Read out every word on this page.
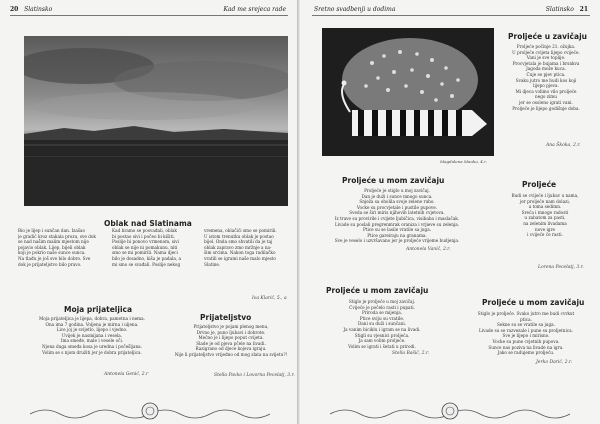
20 Slatinsko	Kad me srejeca rade
Oblak nad Slatinama
Bio je lijep i sunčan dan. Izašao
je gradić kroz stakala prozu, sve dok
se nad našim malim mjestom nije
pojavio oblak. Lijep, bijeli oblak
koji je pokrio naše sunce sunca.
Na tlađu je još sve bilo dobro. Sve
dok je prijateljstvo bilo pravo.
Kad hramo se posvađali, oblak
bi postao sivi i počeo bi kišiti.
Poslije bi ponovo vrmenom, sivi
oblak se nije ni pomakunu, niti
smo se mi pomirili. Nama djeci
bilo je dosadno, kiša je padala, a
mi smo se svađali. Poslije nekog
vremena, oblačići smo se pomirili.
U istom trenutku oblak je postao
bijel. Onda smo shvatili da je taj
oblak zapravo zmo mržnje a na-
šim srcima. Nakon toga radilačko
vratili se igrami naše malo mjesto
Slatine.
Iva Klarić, 5., a
Moja prijateljica
Moja prijateljica je lijepa, dobra, pametna i nema.
Ona ima 7 godina. Voljena je mirna i uljena.
Lice joj je svijetlo, lijepo i vjedno.
Uvijek je nasmijana i vesela.
Ima smeđe, male i vesele oči.
Njena duga smeđa kosa je uredna i počešljana.
Volim se s njom družiti jer je dobra prijateljica.
Antonela Genić, 2.r
Prijateljstvo
Prijateljstvo je pojam plenog menu,
Drvno je, puno ljubavi i dobrote.
Mećno je i lijepo poput cvijeta.
Slade je od pjeva pčele na livadi.
Razigrano od djece kojeva igraju.
Nije li prijateljstvo vrijedno od mog zlata na svijetu?!
Stella Pavko i Lovorna Pecelatj, 3.r.
Sretno svadbenji u dodima	Slatinsko 21
Magdalena Mauko, 4.r.
Proljeće u zavičaju
Proljeće počinje 21. ožujka.
U proljeće cvijeta lijepo cvijeće.
Vani je sve toplije.
Procvjetala je bujama i brsnkva
Jagoda može kuca.
Čuje se pjev ptica.
Svaku jutro me budi kos koji
lijepo pjeva.
Mi djeca volimo vilo proljeće
nego zimu
jer se osoleno igrati vani.
Proljeće je lijepo godišnje doba.
Ana Škoka, 2.r.
Proljeće u mom zavičaju
Proljeće je stiglo u moj zavičaj.
Dan je duži i sunce mnogo sunca.
Snježa sa oholila svoje zelene ruho.
Vocke su procvjetale i pustile pupove.
Sveda se širi miris njihovih latetnih cvjetova.
Iz trave su provirile i cvijete ljubičica, visibaba i maslačak.
Livade su poslali pregrenmrak oraniza i vrjieve su zelenja.
Ptice su se lasile vratile sa juga.
Ptice gareiraju na granama.
Sve je veselo i uzvršavano jer je proljeće vrijeme budjenja.
Antonela Vanić, 2.r.
Proljeće
Budi se cvijeće i ljubav u nama,
jer proljeće nam dolazi,
a toma sedimn.
Sreća i mnoge radosti
u zabatom za pasti,
na zelenim livadama
nove igre
i cvijeće će rasti.
Lorena Pecelatj, 3.r.
Proljeće u mom zavičaju
Stiglo je proljeće u moj zavičaj.
Cvijeće je počelo rasti i pupati.
Priroda se mijenja.
Ptice sviju su vratile.
Dani su duži i sunčani.
Ja vanim biciklu i igram se na livadi.
Stigli su vjesnici proljeća.
Ja sam volim proljeće.
Volim se igrati i šetati u prirodi.
Stella Bašić, 2.r.
Proljeće u mom zavičaju
Stiglo je proljeće. Svako jutro me budi cvrkut
ptica.
Sekne su se vratile sa juga.
Livade su se razvezale i pune su proljetnica.
Sve je lijepo i mirisno.
Vocke su pune cvjetnih pupova.
Sunce nas poziva na livade na igru.
Jako se radujemo proljeću.
Jerko Darić, 2.r.
